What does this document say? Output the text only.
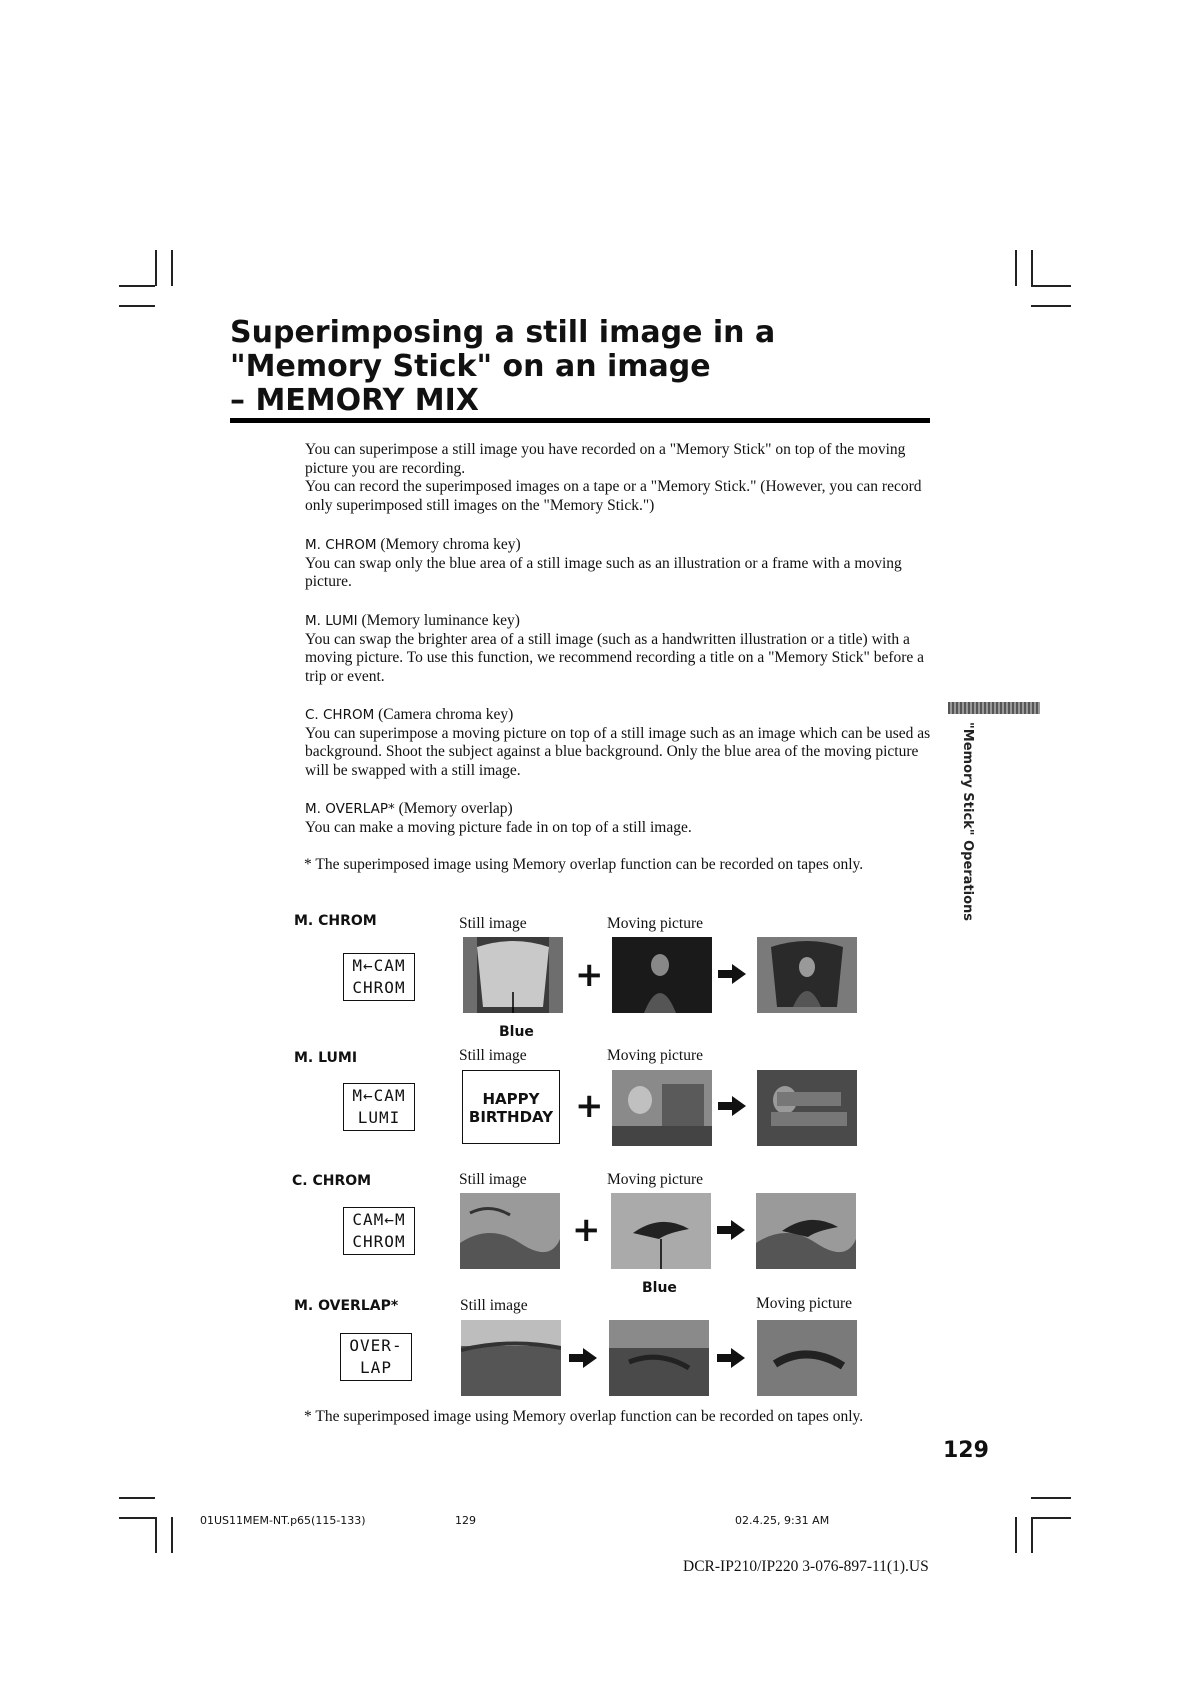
Superimposing a still image in a
"Memory Stick" on an image
– MEMORY MIX

You can superimpose a still image you have recorded on a "Memory Stick" on top of the moving picture you are recording.

You can record the superimposed images on a tape or a "Memory Stick." (However, you can record only superimposed still images on the "Memory Stick.")

M. CHROM (Memory chroma key)

You can swap only the blue area of a still image such as an illustration or a frame with a moving picture.

M. LUMI (Memory luminance key)

You can swap the brighter area of a still image (such as a handwritten illustration or a title) with a moving picture. To use this function, we recommend recording a title on a "Memory Stick" before a trip or event.

C. CHROM (Camera chroma key)

You can superimpose a moving picture on top of a still image such as an image which can be used as background. Shoot the subject against a blue background. Only the blue area of the moving picture will be swapped with a still image.

M. OVERLAP* (Memory overlap)

You can make a moving picture fade in on top of a still image.

* The superimposed image using Memory overlap function can be recorded on tapes only.	"Memory Stick" Operations
M. CHROM	Still image	Moving picture
M←CAM
CHROM	+
Blue
M. LUMI	Still image	Moving picture
M←CAM
LUMI
HAPPY
BIRTHDAY +
C. CHROM	Still image	Moving picture
CAM←M
CHROM	+
Blue
M. OVERLAP*	Still image	Moving picture
OVER-
LAP
* The superimposed image using Memory overlap function can be recorded on tapes only.
129
01US11MEM-NT.p65(115-133)	129	02.4.25, 9:31 AM
DCR-IP210/IP220 3-076-897-11(1).US
